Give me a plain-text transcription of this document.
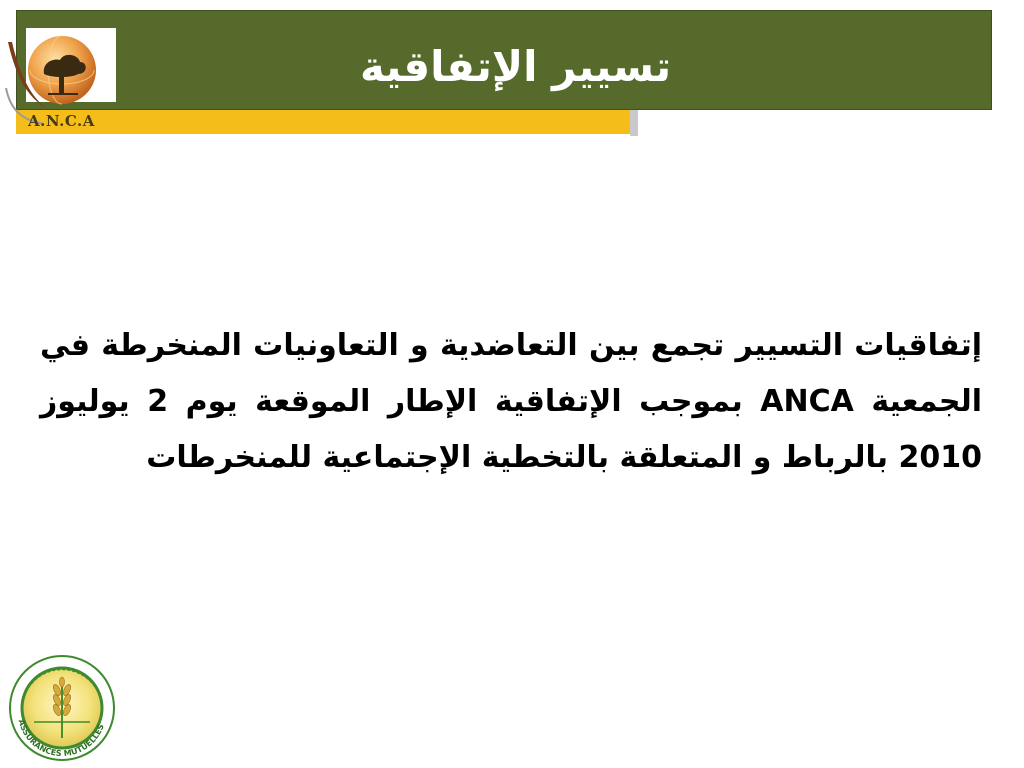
تسيير الإتفاقية
A.N.C.A
إتفاقيات التسيير تجمع بين التعاضدية و التعاونيات المنخرطة في الجمعية ANCA بموجب الإتفاقية الإطار الموقعة يوم 2 يوليوز 2010 بالرباط و المتعلقة بالتخطية الإجتماعية للمنخرطات
ASSURANCES MUTUELLES
